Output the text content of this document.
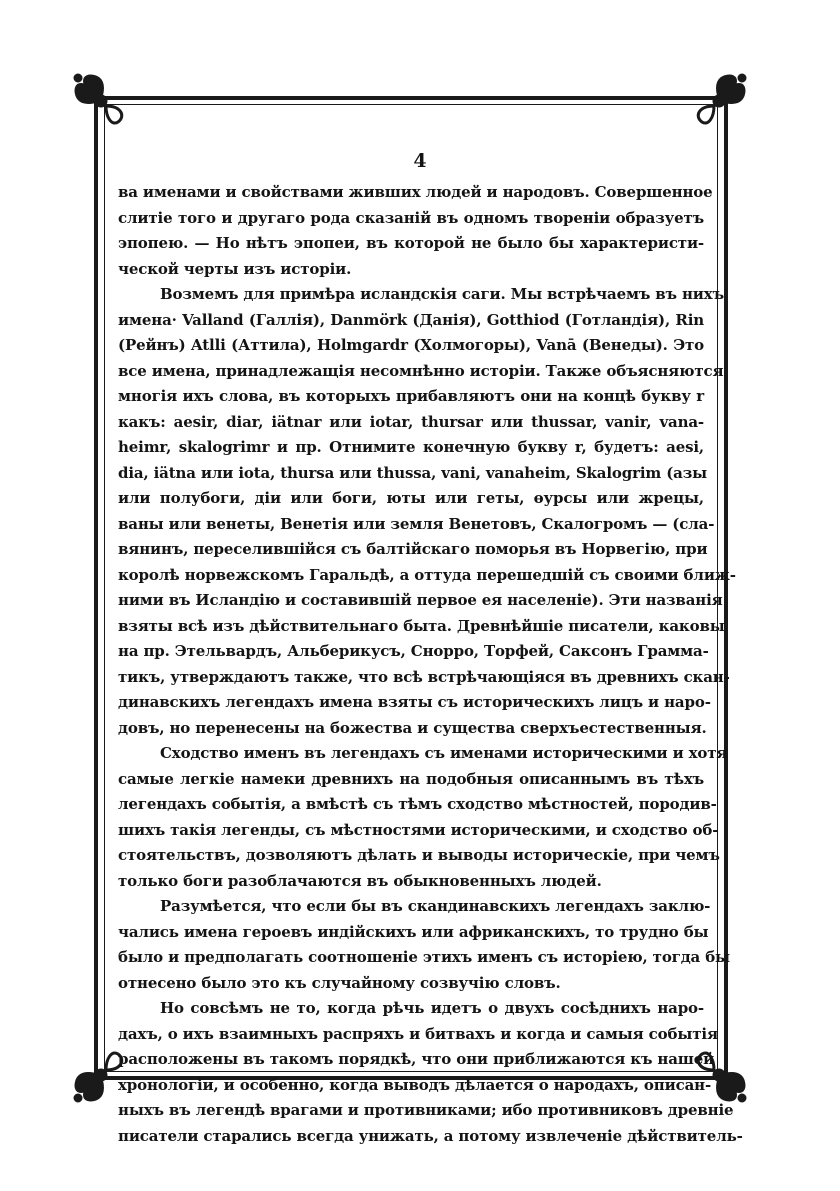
4
ва именами и свойствами живших людей и народовъ. Совершенное
слитіе того и другаго рода сказаній въ одномъ твореніи образуетъ
эпопею. — Но нѣтъ эпопеи, въ которой не было бы характеристи-
ческой черты изъ исторіи.
Возмемъ для примѣра исландскія саги. Мы встрѣчаемъ въ нихъ
имена· Valland (Галлія), Danmörk (Данія), Gotthiod (Готландія), Rin
(Рейнъ) Atlli (Аттила), Holmgardr (Холмогоры), Vanā (Венеды). Это
все имена, принадлежащія несомнѣнно исторіи. Также объясняются
многія ихъ слова, въ которыхъ прибавляютъ они на концѣ букву r
какъ: aesir, diar, iätnar или iotar, thursar или thussar, vanir, vana-
heimr, skalogrimr и пр. Отнимите конечную букву r, будетъ: aesi,
dia, iätna или iota, thursa или thussa, vani, vanaheim, Skalogrim (азы
или полубоги, діи или боги, юты или геты, өурсы или жрецы,
ваны или венеты, Венетія или земля Венетовъ, Скалогромъ — (сла-
вянинъ, переселившійся съ балтійскаго поморья въ Норвегію, при
королѣ норвежскомъ Гаральдѣ, а оттуда перешедшій съ своими ближ-
ними въ Исландію и составившій первое ея населеніе). Эти названія
взяты всѣ изъ дѣйствительнаго быта. Древнѣйшіе писатели, каковы
на пр. Этельвардъ, Альберикусъ, Снорро, Торфей, Саксонъ Грамма-
тикъ, утверждаютъ также, что всѣ встрѣчающіяся въ древнихъ скан-
динавскихъ легендахъ имена взяты съ историческихъ лицъ и наро-
довъ, но перенесены на божества и существа сверхъестественныя.
Сходство именъ въ легендахъ съ именами историческими и хотя
самые легкіе намеки древнихъ на подобныя описаннымъ въ тѣхъ
легендахъ событія, а вмѣстѣ съ тѣмъ сходство мѣстностей, породив-
шихъ такія легенды, съ мѣстностями историческими, и сходство об-
стоятельствъ, дозволяютъ дѣлать и выводы историческіе, при чемъ
только боги разоблачаются въ обыкновенныхъ людей.
Разумѣется, что если бы въ скандинавскихъ легендахъ заклю-
чались имена героевъ индійскихъ или африканскихъ, то трудно бы
было и предполагать соотношеніе этихъ именъ съ исторіею, тогда бы
отнесено было это къ случайному созвучію словъ.
Но совсѣмъ не то, когда рѣчь идетъ о двухъ сосѣднихъ наро-
дахъ, о ихъ взаимныхъ распряхъ и битвахъ и когда и самыя событія
расположены въ такомъ порядкѣ, что они приближаются къ нашей
хронологіи, и особенно, когда выводъ дѣлается о народахъ, описан-
ныхъ въ легендѣ врагами и противниками; ибо противниковъ древніе
писатели старались всегда унижать, а потому извлеченіе дѣйствитель-
